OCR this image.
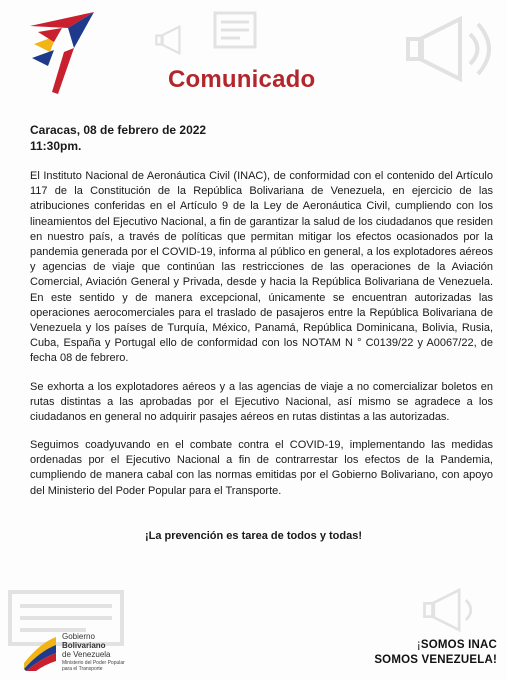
Comunicado
Caracas, 08 de febrero de 2022
11:30pm.

El Instituto Nacional de Aeronáutica Civil (INAC), de conformidad con el contenido del Artículo 117 de la Constitución de la República Bolivariana de Venezuela, en ejercicio de las atribuciones conferidas en el Artículo 9 de la Ley de Aeronáutica Civil, cumpliendo con los lineamientos del Ejecutivo Nacional, a fin de garantizar la salud de los ciudadanos que residen en nuestro país, a través de políticas que permitan mitigar los efectos ocasionados por la pandemia generada por el COVID-19, informa al público en general, a los explotadores aéreos y agencias de viaje que continúan las restricciones de las operaciones de la Aviación Comercial, Aviación General y Privada, desde y hacia la República Bolivariana de Venezuela. En este sentido y de manera excepcional, únicamente se encuentran autorizadas las operaciones aerocomerciales para el traslado de pasajeros entre la República Bolivariana de Venezuela y los países de Turquía, México, Panamá, República Dominicana, Bolivia, Rusia, Cuba, España y Portugal ello de conformidad con los NOTAM N ° C0139/22 y A0067/22, de fecha 08 de febrero.

Se exhorta a los explotadores aéreos y a las agencias de viaje a no comercializar boletos en rutas distintas a las aprobadas por el Ejecutivo Nacional, así mismo se agradece a los ciudadanos en general no adquirir pasajes aéreos en rutas distintas a las autorizadas.

Seguimos coadyuvando en el combate contra el COVID-19, implementando las medidas ordenadas por el Ejecutivo Nacional a fin de contrarrestar los efectos de la Pandemia, cumpliendo de manera cabal con las normas emitidas por el Gobierno Bolivariano, con apoyo del Ministerio del Poder Popular para el Transporte.

¡La prevención es tarea de todos y todas!
Gobierno
Bolivariano
de Venezuela
Ministerio del Poder Popular
para el Transporte
¡SOMOS INAC
SOMOS VENEZUELA!
